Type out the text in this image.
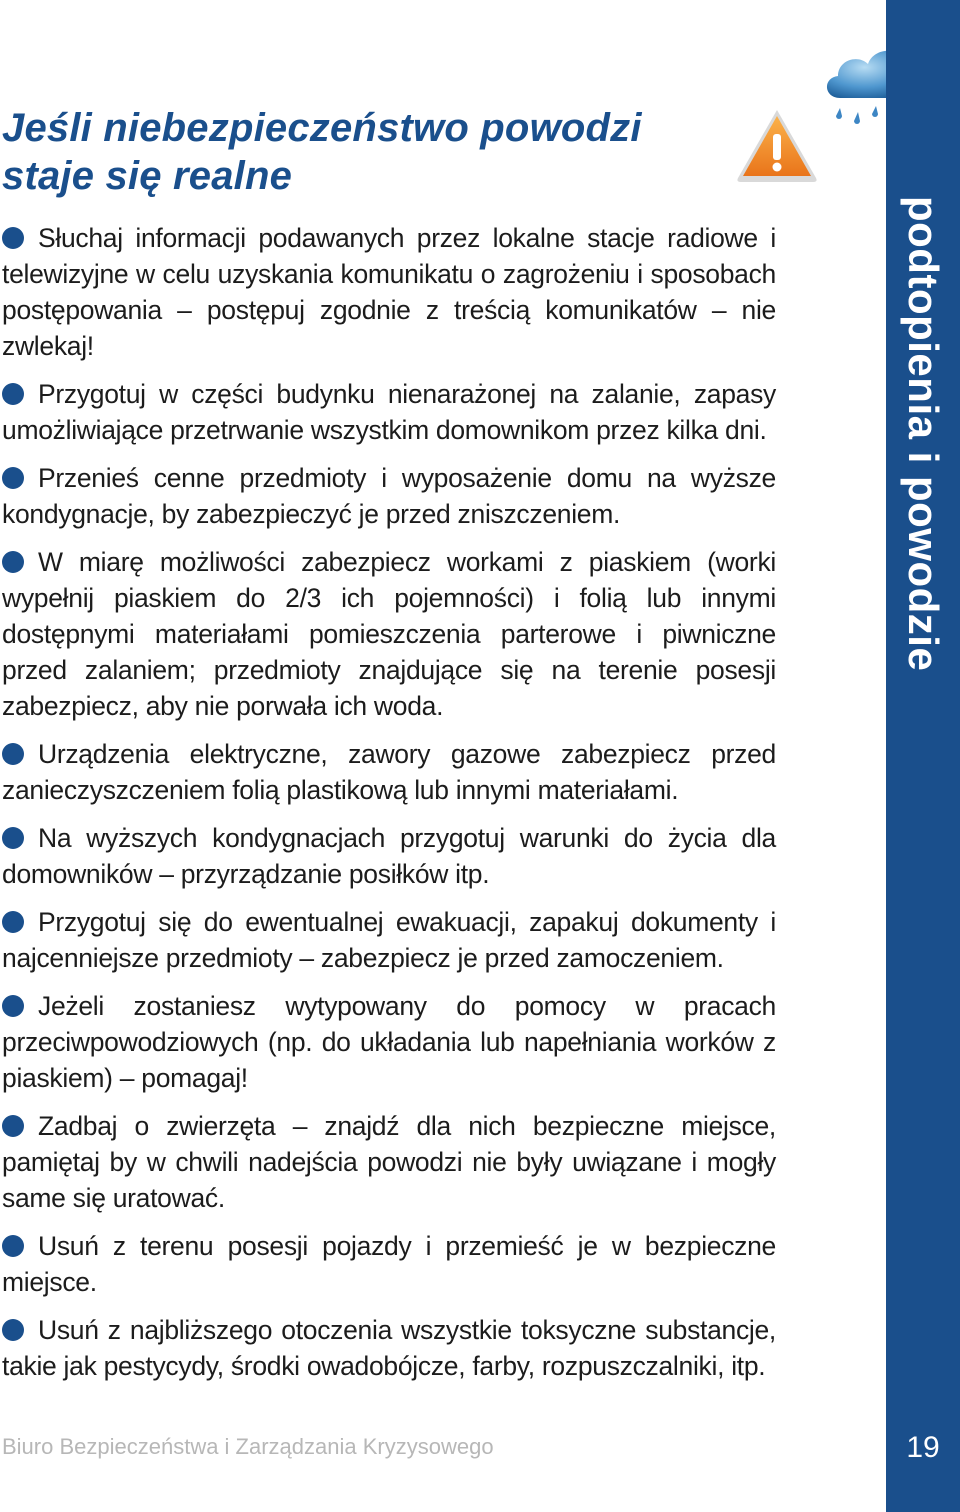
Jeśli niebezpieczeństwo powodzi
staje się realne
Słuchaj informacji podawanych przez lokalne stacje radiowe i telewizyjne w celu uzyskania komunikatu o zagrożeniu i sposobach postępowania – postępuj zgodnie z treścią komunikatów – nie zwlekaj!
Przygotuj w części budynku nienarażonej na zalanie, zapasy umożliwiające przetrwanie wszystkim domownikom przez kilka dni.
Przenieś cenne przedmioty i wyposażenie domu na wyższe kondygnacje, by zabezpieczyć je przed zniszczeniem.
W miarę możliwości zabezpiecz workami z piaskiem (worki wypełnij piaskiem do 2/3 ich pojemności) i folią lub innymi dostępnymi materiałami pomieszczenia parterowe i piwniczne przed zalaniem; przedmioty znajdujące się na terenie posesji zabezpiecz, aby nie porwała ich woda.
Urządzenia elektryczne, zawory gazowe zabezpiecz przed zanieczyszczeniem folią plastikową lub innymi materiałami.
Na wyższych kondygnacjach przygotuj warunki do życia dla domowników – przyrządzanie posiłków itp.
Przygotuj się do ewentualnej ewakuacji, zapakuj dokumenty i najcenniejsze przedmioty – zabezpiecz je przed zamoczeniem.
Jeżeli zostaniesz wytypowany do pomocy w pracach przeciwpowodziowych (np. do układania lub napełniania worków z piaskiem) – pomagaj!
Zadbaj o zwierzęta – znajdź dla nich bezpieczne miejsce, pamiętaj by w chwili nadejścia powodzi nie były uwiązane i mogły same się uratować.
Usuń z terenu posesji pojazdy i przemieść je w bezpieczne miejsce.
Usuń z najbliższego otoczenia wszystkie toksyczne substancje, takie jak pestycydy, środki owadobójcze, farby, rozpuszczalniki, itp.
Biuro Bezpieczeństwa i Zarządzania Kryzysowego
podtopienia i powodzie
19
